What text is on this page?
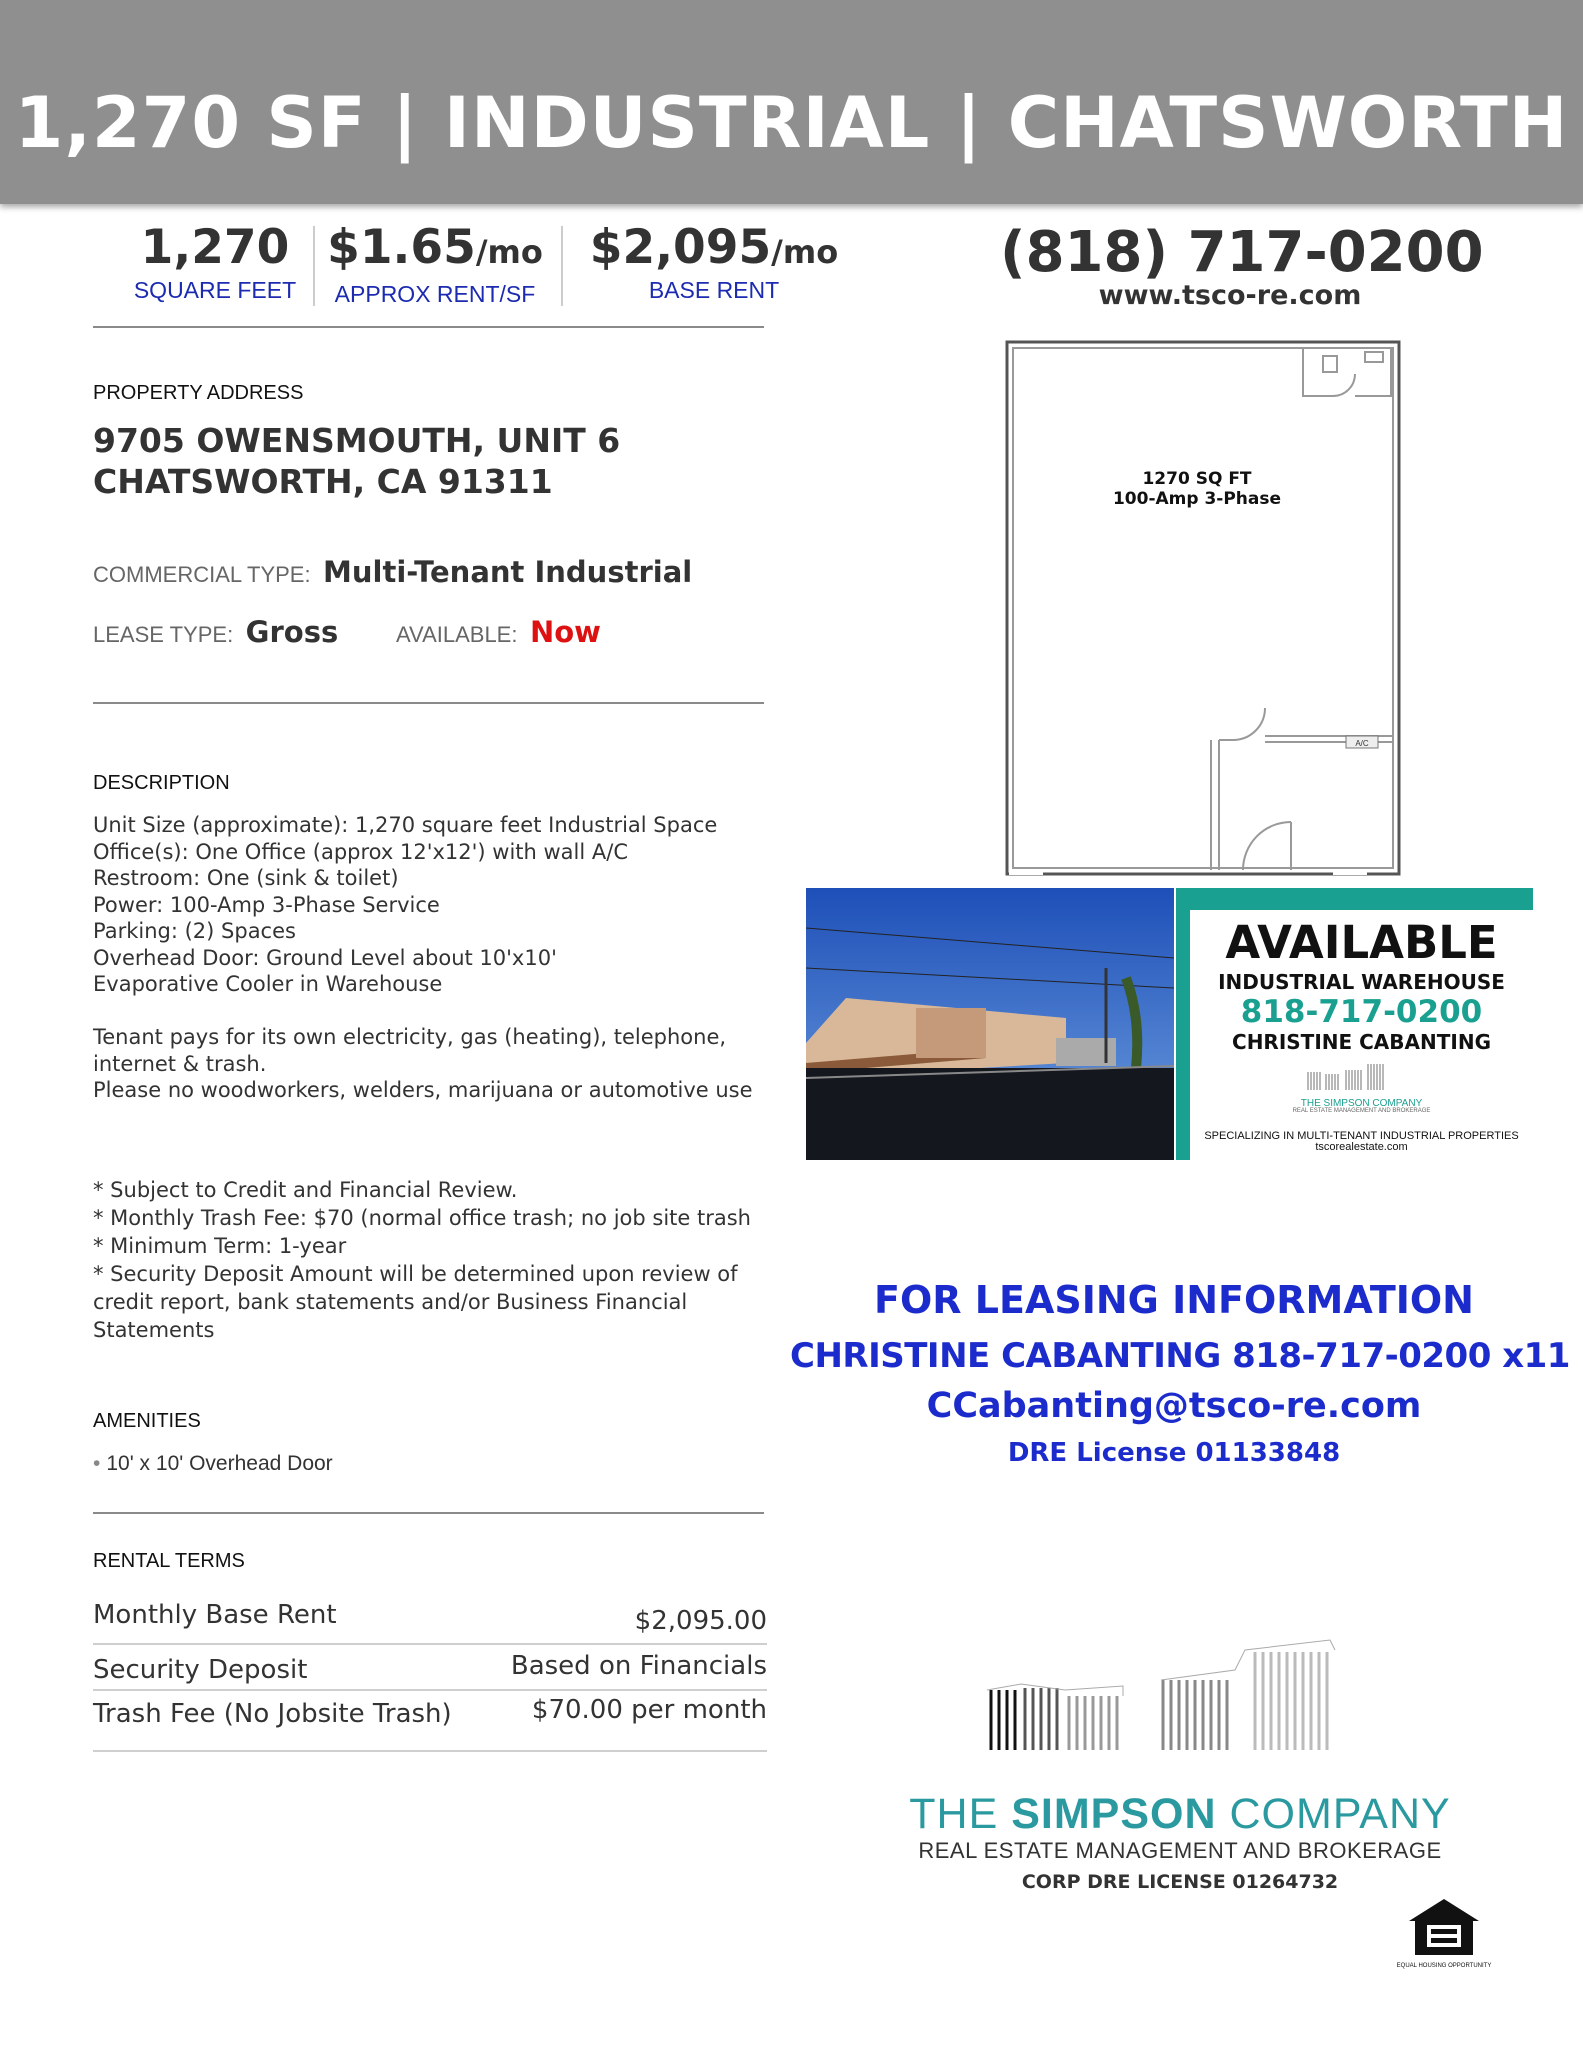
1,270 SF | INDUSTRIAL | CHATSWORTH
1,270
SQUARE FEET
$1.65/mo
APPROX RENT/SF
$2,095/mo
BASE RENT
(818) 717-0200
www.tsco-re.com
PROPERTY ADDRESS
9705 OWENSMOUTH, UNIT 6
CHATSWORTH, CA 91311
COMMERCIAL TYPE: Multi-Tenant Industrial
LEASE TYPE: Gross	AVAILABLE: Now
DESCRIPTION
Unit Size (approximate): 1,270 square feet Industrial Space
Office(s): One Office (approx 12'x12') with wall A/C
Restroom: One (sink & toilet)
Power: 100-Amp 3-Phase Service
Parking: (2) Spaces
Overhead Door: Ground Level about 10'x10'
Evaporative Cooler in Warehouse
Tenant pays for its own electricity, gas (heating), telephone,
internet & trash.
Please no woodworkers, welders, marijuana or automotive use
* Subject to Credit and Financial Review.
* Monthly Trash Fee: $70 (normal office trash; no job site trash
* Minimum Term: 1-year
* Security Deposit Amount will be determined upon review of
credit report, bank statements and/or Business Financial
Statements
AMENITIES
• 10' x 10' Overhead Door
RENTAL TERMS
Monthly Base Rent	$2,095.00
Security Deposit	Based on Financials
Trash Fee (No Jobsite Trash)	$70.00 per month
A/C
1270 SQ FT
100-Amp 3-Phase
AVAILABLE
INDUSTRIAL WAREHOUSE
818-717-0200
CHRISTINE CABANTING
THE SIMPSON COMPANY
REAL ESTATE MANAGEMENT AND BROKERAGE
SPECIALIZING IN MULTI-TENANT INDUSTRIAL PROPERTIES
tscorealestate.com
FOR LEASING INFORMATION
CHRISTINE CABANTING 818-717-0200 x11
CCabanting@tsco-re.com
DRE License 01133848
THE SIMPSON COMPANY
REAL ESTATE MANAGEMENT AND BROKERAGE
CORP DRE LICENSE 01264732
EQUAL HOUSING OPPORTUNITY
